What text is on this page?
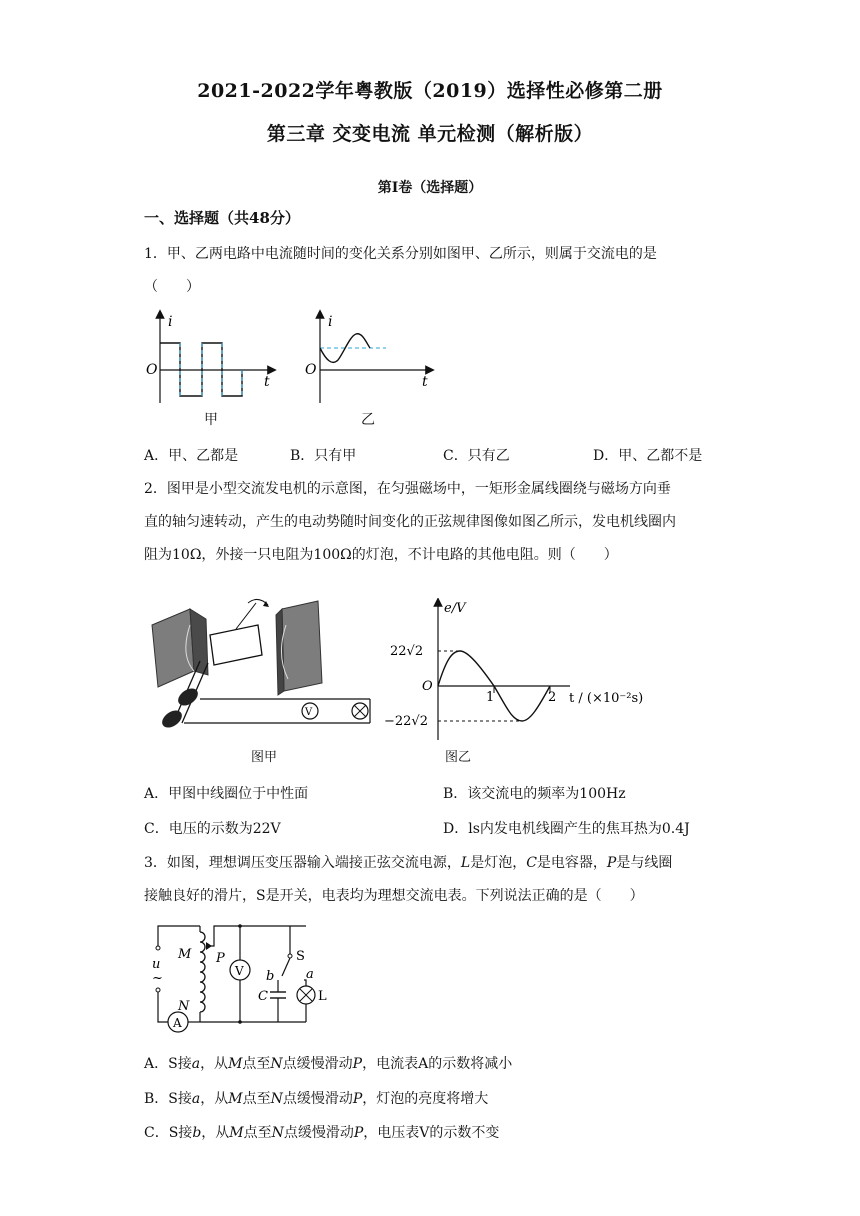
2021-2022学年粤教版（2019）选择性必修第二册
第三章 交变电流 单元检测（解析版）
第Ⅰ卷（选择题）
一、选择题（共48分）
1．甲、乙两电路中电流随时间的变化关系分别如图甲、乙所示，则属于交流电的是
（　　）
i
t
O
甲
i
t
O
乙
A．甲、乙都是	B．只有甲	C．只有乙	D．甲、乙都不是
2．图甲是小型交流发电机的示意图，在匀强磁场中，一矩形金属线圈绕与磁场方向垂
直的轴匀速转动，产生的电动势随时间变化的正弦规律图像如图乙所示，发电机线圈内
阻为10Ω，外接一只电阻为100Ω的灯泡，不计电路的其他电阻。则（　　）
V
图甲
e/V
t / (×10⁻²s)
O
22√2
−22√2
1	2
图乙
A．甲图中线圈位于中性面	B．该交流电的频率为100Hz
C．电压的示数为22V	D．ls内发电机线圈产生的焦耳热为0.4J
3．如图，理想调压变压器输入端接正弦交流电源，L是灯泡，C是电容器，P是与线圈
接触良好的滑片，S是开关，电表均为理想交流电表。下列说法正确的是（　　）
A
V
M
N
P
u
~
S
a
b
C	L
A．S接a，从M点至N点缓慢滑动P，电流表A的示数将减小
B．S接a，从M点至N点缓慢滑动P，灯泡的亮度将增大
C．S接b，从M点至N点缓慢滑动P，电压表V的示数不变
